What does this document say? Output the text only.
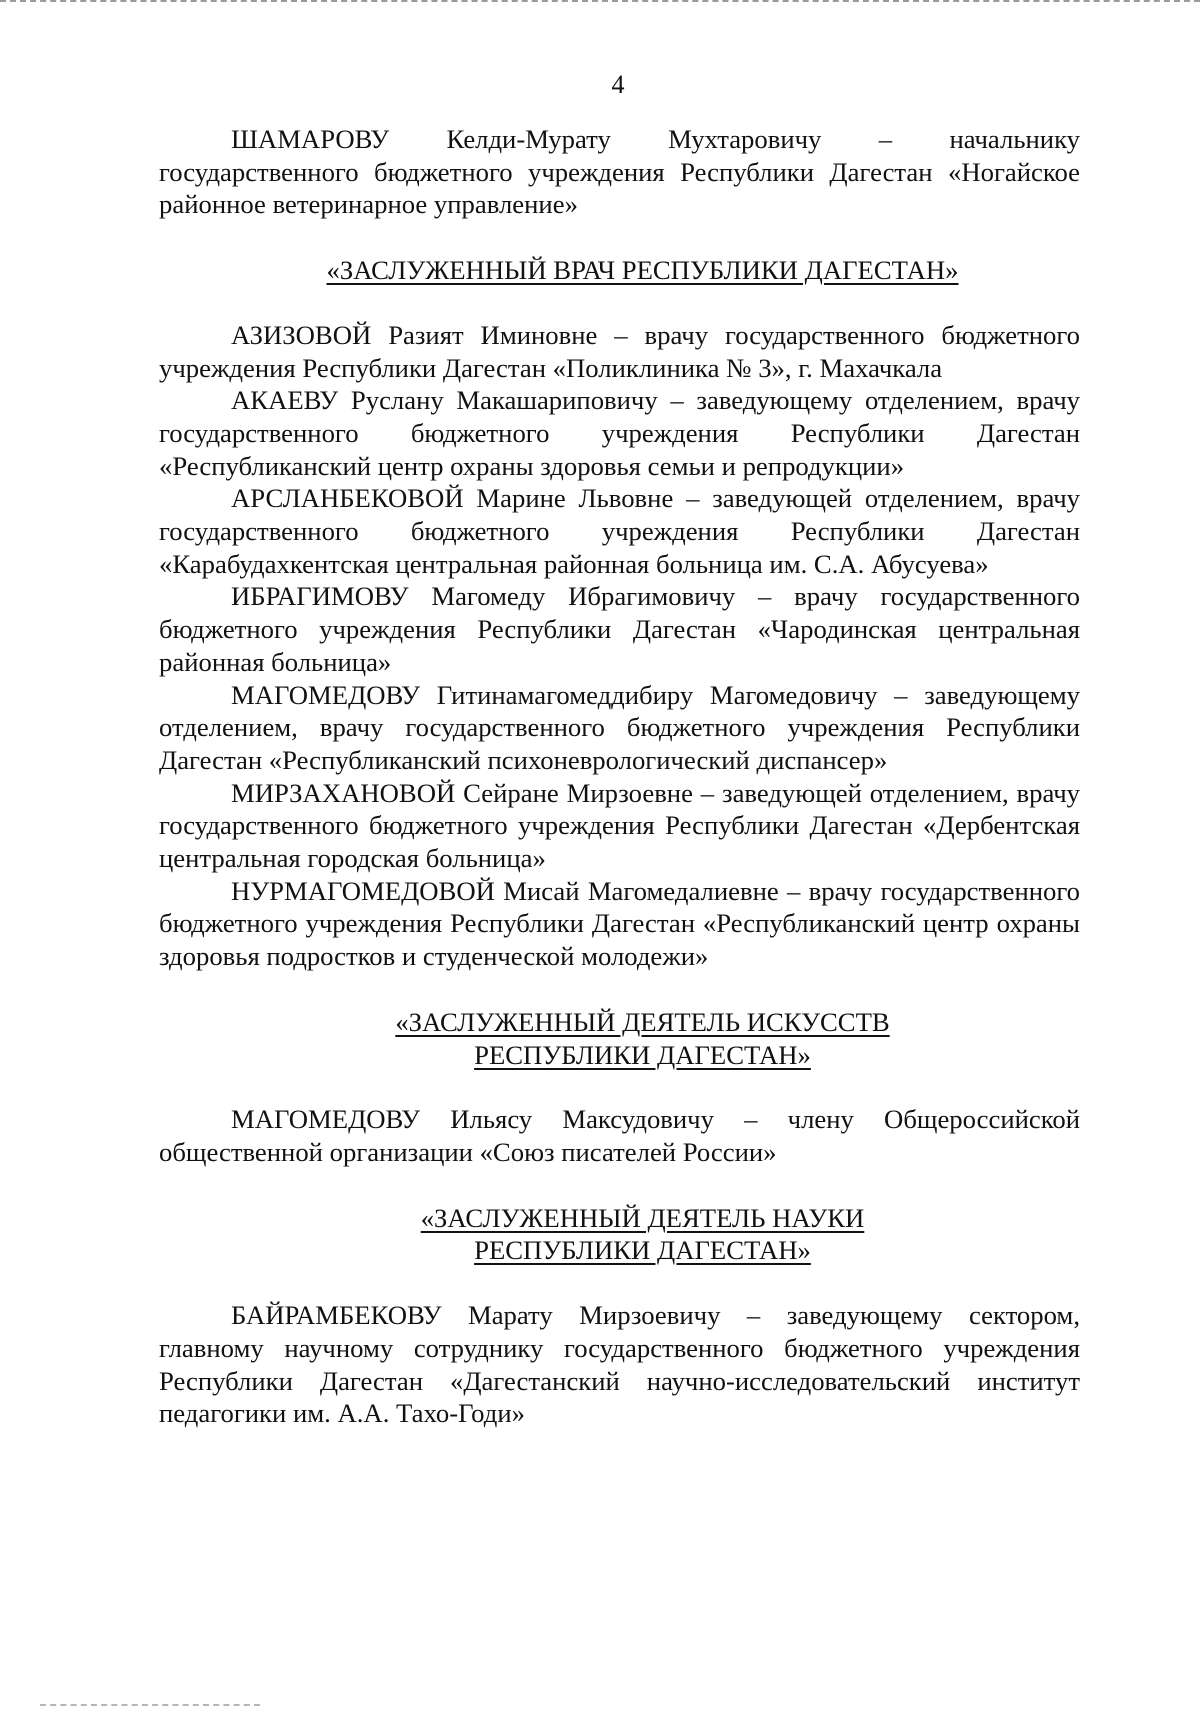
4

ШАМАРОВУ Келди-Мурату Мухтаровичу – начальнику государственного бюджетного учреждения Республики Дагестан «Ногайское районное ветеринарное управление»

«ЗАСЛУЖЕННЫЙ ВРАЧ РЕСПУБЛИКИ ДАГЕСТАН»

АЗИЗОВОЙ Разият Иминовне – врачу государственного бюджетного учреждения Республики Дагестан «Поликлиника № 3», г. Махачкала

АКАЕВУ Руслану Макашариповичу – заведующему отделением, врачу государственного бюджетного учреждения Республики Дагестан «Республиканский центр охраны здоровья семьи и репродукции»

АРСЛАНБЕКОВОЙ Марине Львовне – заведующей отделением, врачу государственного бюджетного учреждения Республики Дагестан «Карабудахкентская центральная районная больница им. С.А. Абусуева»

ИБРАГИМОВУ Магомеду Ибрагимовичу – врачу государственного бюджетного учреждения Республики Дагестан «Чародинская центральная районная больница»

МАГОМЕДОВУ Гитинамагомеддибиру Магомедовичу – заведующему отделением, врачу государственного бюджетного учреждения Республики Дагестан «Республиканский психоневрологический диспансер»

МИРЗАХАНОВОЙ Сейране Мирзоевне – заведующей отделением, врачу государственного бюджетного учреждения Республики Дагестан «Дербентская центральная городская больница»

НУРМАГОМЕДОВОЙ Мисай Магомедалиевне – врачу государственного бюджетного учреждения Республики Дагестан «Республиканский центр охраны здоровья подростков и студенческой молодежи»

«ЗАСЛУЖЕННЫЙ ДЕЯТЕЛЬ ИСКУССТВ

РЕСПУБЛИКИ ДАГЕСТАН»

МАГОМЕДОВУ Ильясу Максудовичу – члену Общероссийской общественной организации «Союз писателей России»

«ЗАСЛУЖЕННЫЙ ДЕЯТЕЛЬ НАУКИ

РЕСПУБЛИКИ ДАГЕСТАН»

БАЙРАМБЕКОВУ Марату Мирзоевичу – заведующему сектором, главному научному сотруднику государственного бюджетного учреждения Республики Дагестан «Дагестанский научно-исследовательский институт педагогики им. А.А. Тахо-Годи»
